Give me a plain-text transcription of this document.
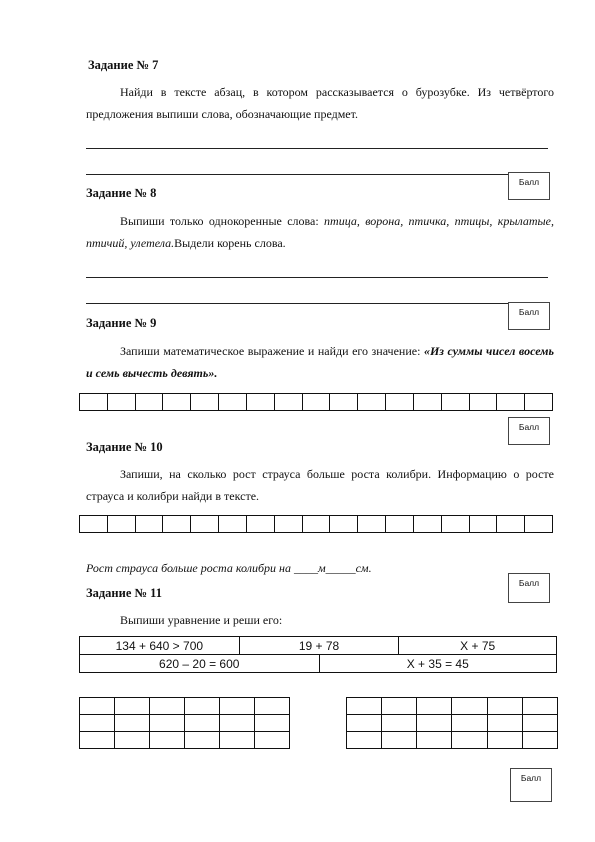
Задание № 7
Найди в тексте абзац, в котором рассказывается о бурозубке. Из четвёртого предложения выпиши слова, обозначающие предмет.
Балл
Задание № 8
Выпиши только однокоренные слова: птица, ворона, птичка, птицы, крылатые, птичий, улетела.Выдели корень слова.
Балл
Задание № 9
Запиши математическое выражение и найди его значение: «Из суммы чисел восемь и семь вычесть девять».
Балл
Задание № 10
Запиши, на сколько рост страуса больше роста колибри. Информацию о росте страуса и колибри найди в тексте.
Рост страуса больше роста колибри на ____м_____см.
Балл
Задание № 11
Выпиши уравнение и реши его:
134 + 640 > 700	19 + 78		X + 75
620 – 20 = 600		X + 35 = 45	

Балл
